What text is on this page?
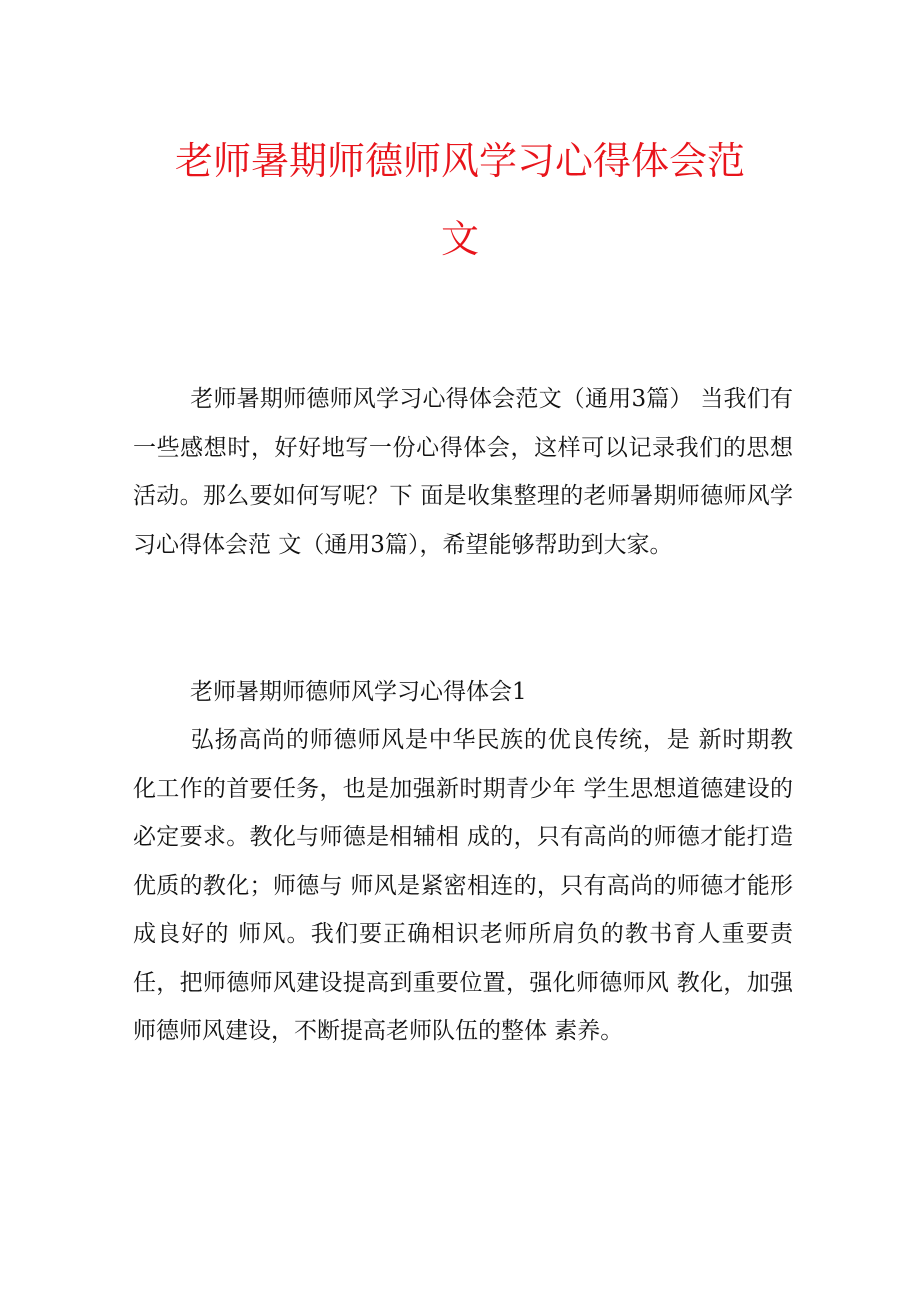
老师暑期师德师风学习心得体会范
文

老师暑期师德师风学习心得体会范文（通用3篇） 当我们有一些感想时，好好地写一份心得体会，这样可以记录我们的思想活动。那么要如何写呢？下 面是收集整理的老师暑期师德师风学习心得体会范 文（通用3篇），希望能够帮助到大家。

老师暑期师德师风学习心得体会1

弘扬高尚的师德师风是中华民族的优良传统，是 新时期教化工作的首要任务，也是加强新时期青少年 学生思想道德建设的必定要求。教化与师德是相辅相 成的，只有高尚的师德才能打造优质的教化；师德与 师风是紧密相连的，只有高尚的师德才能形成良好的 师风。我们要正确相识老师所肩负的教书育人重要责 任，把师德师风建设提高到重要位置，强化师德师风 教化，加强师德师风建设，不断提高老师队伍的整体 素养。
